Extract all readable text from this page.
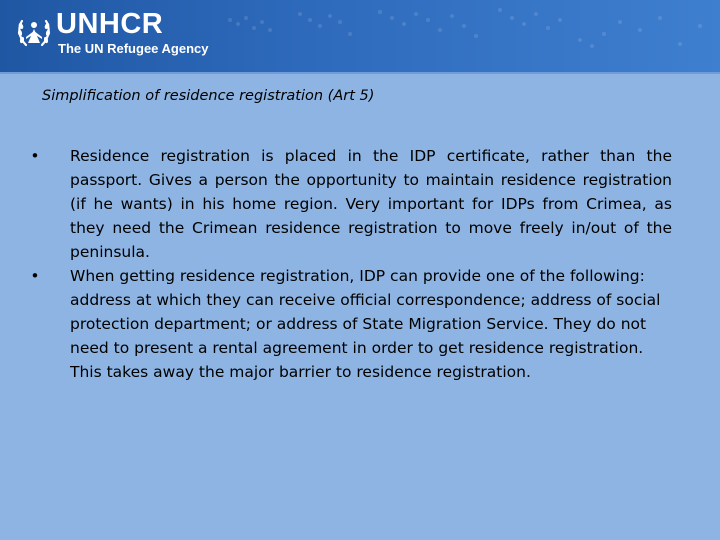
UNHCR
The UN Refugee Agency
Simplification of residence registration (Art 5)
• Residence registration is placed in the IDP certificate, rather than the passport. Gives a person the opportunity to maintain residence registration (if he wants) in his home region. Very important for IDPs from Crimea, as they need the Crimean residence registration to move freely in/out of the peninsula.
• When getting residence registration, IDP can provide one of the following: address at which they can receive official correspondence; address of social protection department; or address of State Migration Service. They do not need to present a rental agreement in order to get residence registration. This takes away the major barrier to residence registration.
